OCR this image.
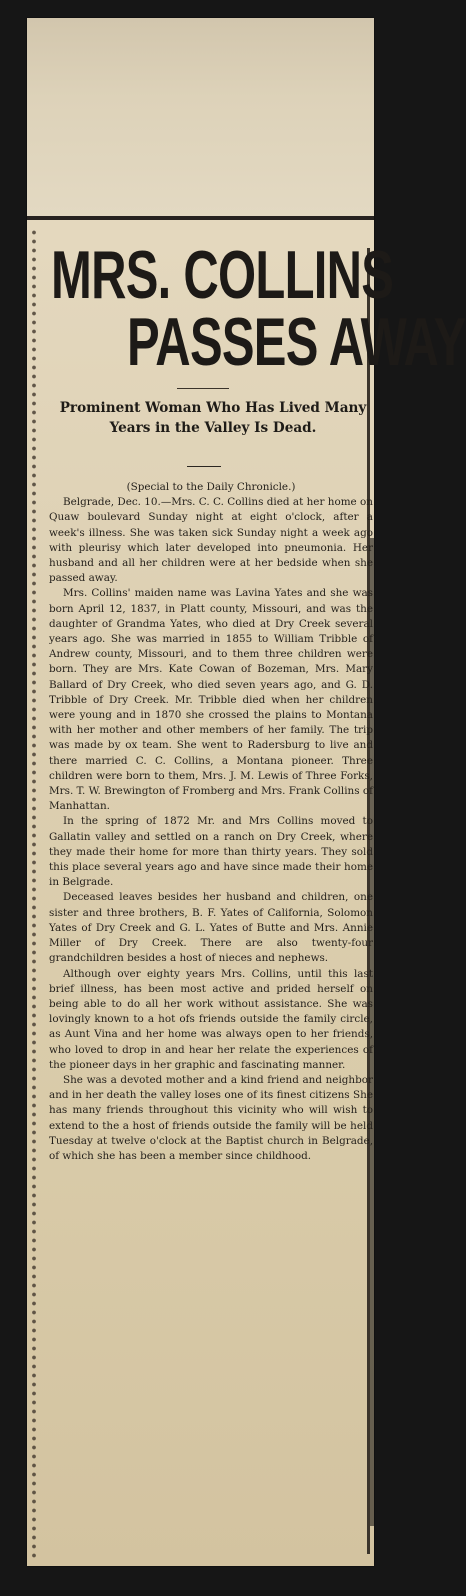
MRS. COLLINS
PASSES AWAY
Prominent Woman Who Has Lived Many Years in the Valley Is Dead.

(Special to the Daily Chronicle.)

Belgrade, Dec. 10.—Mrs. C. C. Collins died at her home on Quaw boulevard Sunday night at eight o'clock, after a week's illness. She was taken sick Sunday night a week ago with pleurisy which later developed into pneumonia. Her husband and all her children were at her bedside when she passed away.

Mrs. Collins' maiden name was Lavina Yates and she was born April 12, 1837, in Platt county, Missouri, and was the daughter of Grandma Yates, who died at Dry Creek several years ago. She was married in 1855 to William Tribble of Andrew county, Missouri, and to them three children were born. They are Mrs. Kate Cowan of Bozeman, Mrs. Mary Ballard of Dry Creek, who died seven years ago, and G. D. Tribble of Dry Creek. Mr. Tribble died when her children were young and in 1870 she crossed the plains to Montana with her mother and other members of her family. The trip was made by ox team. She went to Radersburg to live and there married C. C. Collins, a Montana pioneer. Three children were born to them, Mrs. J. M. Lewis of Three Forks, Mrs. T. W. Brewington of Fromberg and Mrs. Frank Collins of Manhattan.

In the spring of 1872 Mr. and Mrs Collins moved to Gallatin valley and settled on a ranch on Dry Creek, where they made their home for more than thirty years. They sold this place several years ago and have since made their home in Belgrade.

Deceased leaves besides her husband and children, one sister and three brothers, B. F. Yates of California, Solomon Yates of Dry Creek and G. L. Yates of Butte and Mrs. Annie Miller of Dry Creek. There are also twenty-four grandchildren besides a host of nieces and nephews.

Although over eighty years Mrs. Collins, until this last brief illness, has been most active and prided herself on being able to do all her work without assistance. She was lovingly known to a hot ofs friends outside the family circle, as Aunt Vina and her home was always open to her friends, who loved to drop in and hear her relate the experiences of the pioneer days in her graphic and fascinating manner.

She was a devoted mother and a kind friend and neighbor and in her death the valley loses one of its finest citizens She has many friends throughout this vicinity who will wish to extend to the a host of friends outside the family will be held Tuesday at twelve o'clock at the Baptist church in Belgrade, of which she has been a member since childhood.
